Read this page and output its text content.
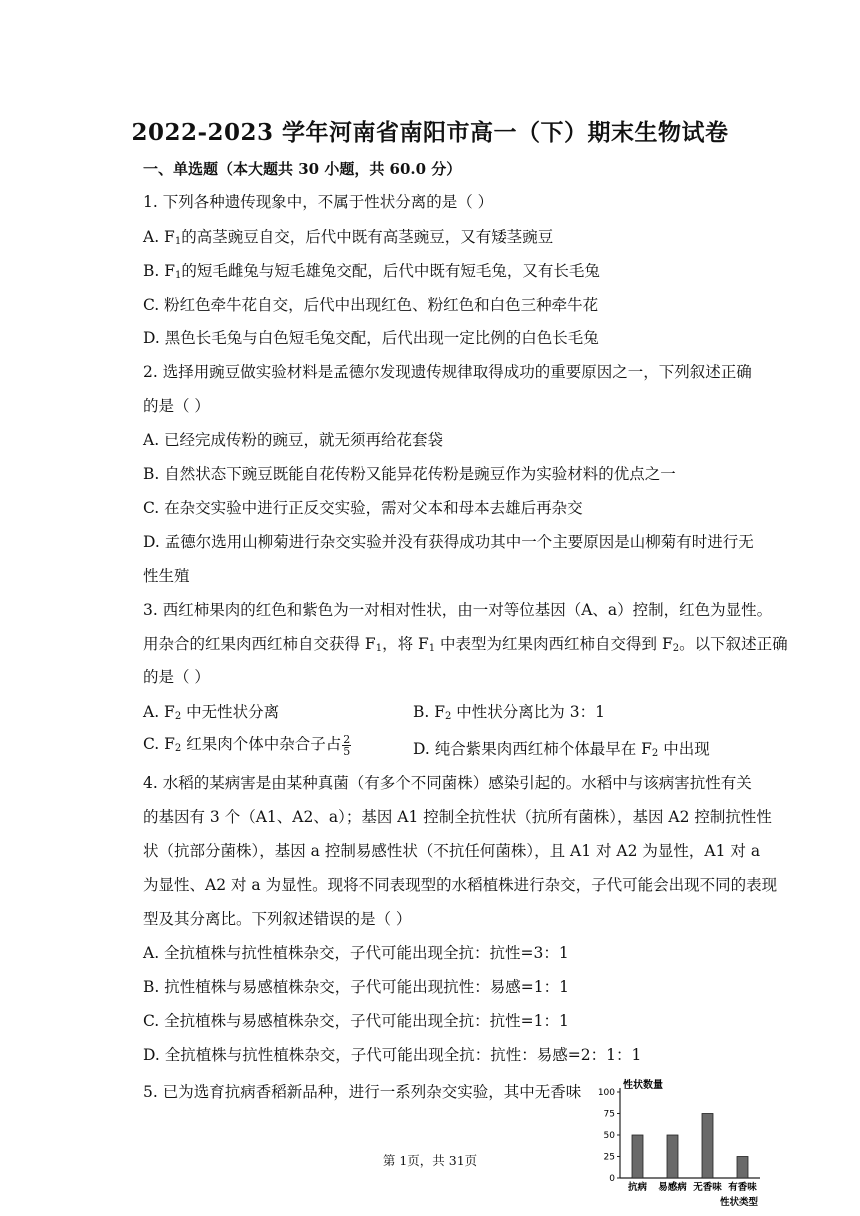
2022-2023 学年河南省南阳市高一（下）期末生物试卷
一、单选题（本大题共 30 小题，共 60.0 分）
1. 下列各种遗传现象中，不属于性状分离的是（ ）
A. $F_1$的高茎豌豆自交，后代中既有高茎豌豆，又有矮茎豌豆
B. $F_1$的短毛雌兔与短毛雄兔交配，后代中既有短毛兔，又有长毛兔
C. 粉红色牵牛花自交，后代中出现红色、粉红色和白色三种牵牛花
D. 黑色长毛兔与白色短毛兔交配，后代出现一定比例的白色长毛兔
2. 选择用豌豆做实验材料是孟德尔发现遗传规律取得成功的重要原因之一，下列叙述正确
的是（ ）
A. 已经完成传粉的豌豆，就无须再给花套袋
B. 自然状态下豌豆既能自花传粉又能异花传粉是豌豆作为实验材料的优点之一
C. 在杂交实验中进行正反交实验，需对父本和母本去雄后再杂交
D. 孟德尔选用山柳菊进行杂交实验并没有获得成功其中一个主要原因是山柳菊有时进行无
性生殖
3. 西红柿果肉的红色和紫色为一对相对性状，由一对等位基因（A、a）控制，红色为显性。
用杂合的红果肉西红柿自交获得 $F_1$，将 $F_1$ 中表型为红果肉西红柿自交得到 $F_2$。以下叙述正确
的是（ ）
A. $F_2$ 中无性状分离	B. $F_2$ 中性状分离比为 3：1
C. $F_2$ 红果肉个体中杂合子占 $\frac{2}{5}$	D. 纯合紫果肉西红柿个体最早在 $F_2$ 中出现
4. 水稻的某病害是由某种真菌（有多个不同菌株）感染引起的。水稻中与该病害抗性有关
的基因有 3 个（A1、A2、a）；基因 A1 控制全抗性状（抗所有菌株），基因 A2 控制抗性性
状（抗部分菌株），基因 a 控制易感性状（不抗任何菌株），且 A1 对 A2 为显性，A1 对 a
为显性、A2 对 a 为显性。现将不同表现型的水稻植株进行杂交，子代可能会出现不同的表现
型及其分离比。下列叙述错误的是（ ）
A. 全抗植株与抗性植株杂交，子代可能出现全抗：抗性=3：1
B. 抗性植株与易感植株杂交，子代可能出现抗性：易感=1：1
C. 全抗植株与易感植株杂交，子代可能出现全抗：抗性=1：1
D. 全抗植株与抗性植株杂交，子代可能出现全抗：抗性：易感=2：1：1
5. 已为选育抗病香稻新品种，进行一系列杂交实验，其中无香味	性状数量
0
25
50
75
100
抗病 易感病 无香味 有香味
性状类型
第 1页，共 31页
